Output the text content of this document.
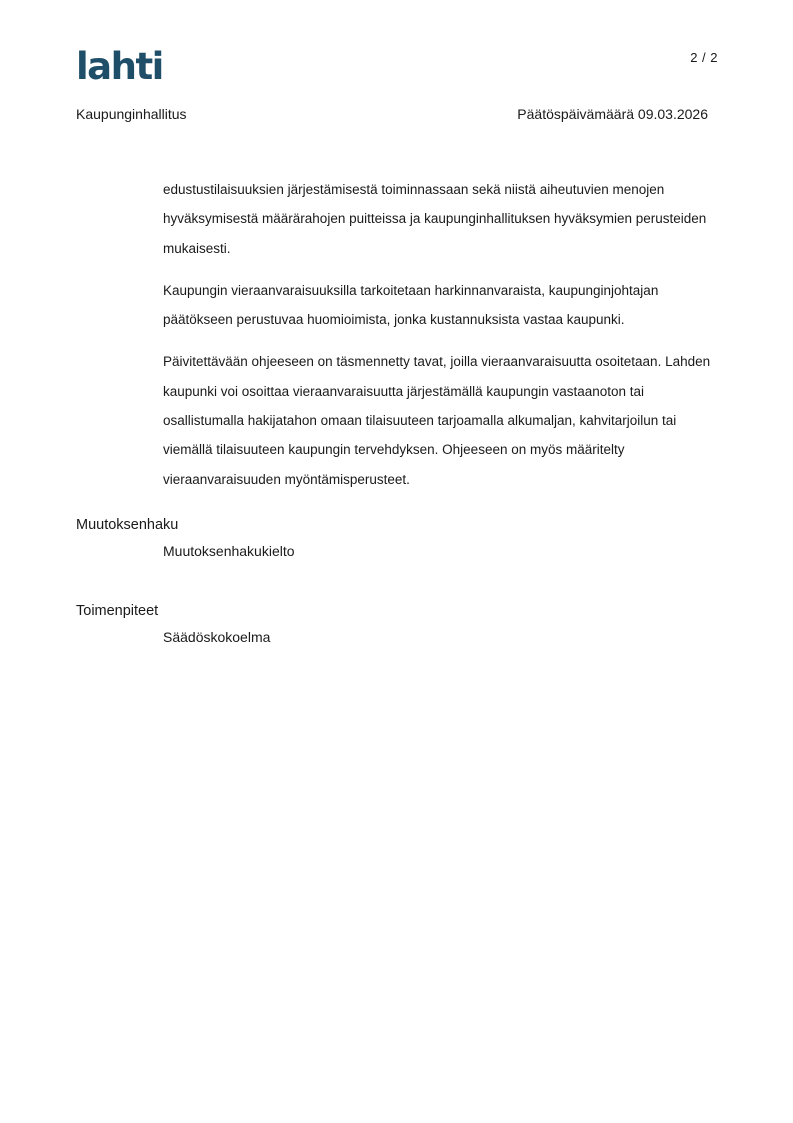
lahti	2 / 2
Kaupunginhallitus	Päätöspäivämäärä 09.03.2026

edustustilaisuuksien järjestämisestä toiminnassaan sekä niistä aiheutuvien menojen hyväksymisestä määrärahojen puitteissa ja kaupunginhallituksen hyväksymien perusteiden mukaisesti.

Kaupungin vieraanvaraisuuksilla tarkoitetaan harkinnanvaraista, kaupunginjohtajan päätökseen perustuvaa huomioimista, jonka kustannuksista vastaa kaupunki.

Päivitettävään ohjeeseen on täsmennetty tavat, joilla vieraanvaraisuutta osoitetaan. Lahden kaupunki voi osoittaa vieraanvaraisuutta järjestämällä kaupungin vastaanoton tai osallistumalla hakijatahon omaan tilaisuuteen tarjoamalla alkumaljan, kahvitarjoilun tai viemällä tilaisuuteen kaupungin tervehdyksen. Ohjeeseen on myös määritelty vieraanvaraisuuden myöntämisperusteet.

Muutoksenhaku
Muutoksenhakukielto
Toimenpiteet
Säädöskokoelma
